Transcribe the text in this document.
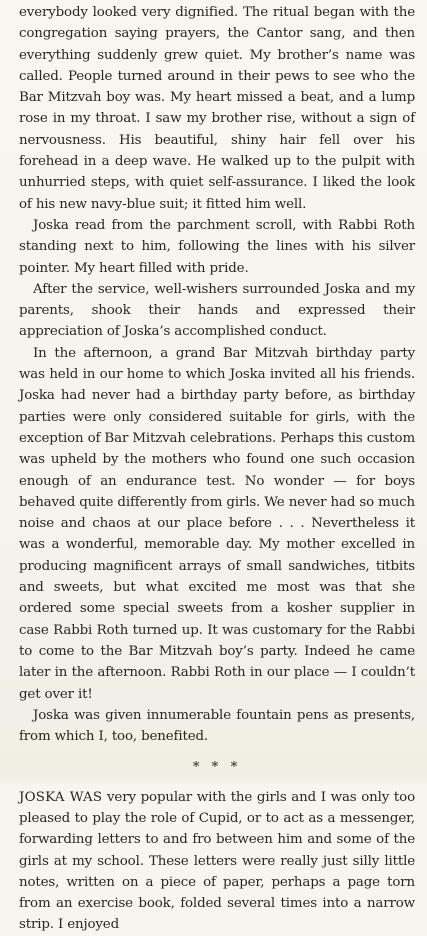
everybody looked very dignified. The ritual began with the congregation saying prayers, the Cantor sang, and then everything suddenly grew quiet. My brother’s name was called. People turned around in their pews to see who the Bar Mitzvah boy was. My heart missed a beat, and a lump rose in my throat. I saw my brother rise, without a sign of nervousness. His beautiful, shiny hair fell over his forehead in a deep wave. He walked up to the pulpit with unhurried steps, with quiet self-assurance. I liked the look of his new navy-blue suit; it fitted him well.

Joska read from the parchment scroll, with Rabbi Roth standing next to him, following the lines with his silver pointer. My heart filled with pride.

After the service, well-wishers surrounded Joska and my parents, shook their hands and expressed their appreciation of Joska’s accomplished conduct.

In the afternoon, a grand Bar Mitzvah birthday party was held in our home to which Joska invited all his friends. Joska had never had a birthday party before, as birthday parties were only considered suitable for girls, with the exception of Bar Mitzvah celebrations. Perhaps this custom was upheld by the mothers who found one such occasion enough of an endurance test. No wonder — for boys behaved quite differently from girls. We never had so much noise and chaos at our place before . . . Nevertheless it was a wonderful, memorable day. My mother excelled in producing magnificent arrays of small sandwiches, titbits and sweets, but what excited me most was that she ordered some special sweets from a kosher supplier in case Rabbi Roth turned up. It was customary for the Rabbi to come to the Bar Mitzvah boy’s party. Indeed he came later in the afternoon. Rabbi Roth in our place — I couldn’t get over it!

Joska was given innumerable fountain pens as presents, from which I, too, benefited.

* * *

JOSKA WAS very popular with the girls and I was only too pleased to play the role of Cupid, or to act as a messenger, forwarding letters to and fro between him and some of the girls at my school. These letters were really just silly little notes, written on a piece of paper, perhaps a page torn from an exercise book, folded several times into a narrow strip. I enjoyed
